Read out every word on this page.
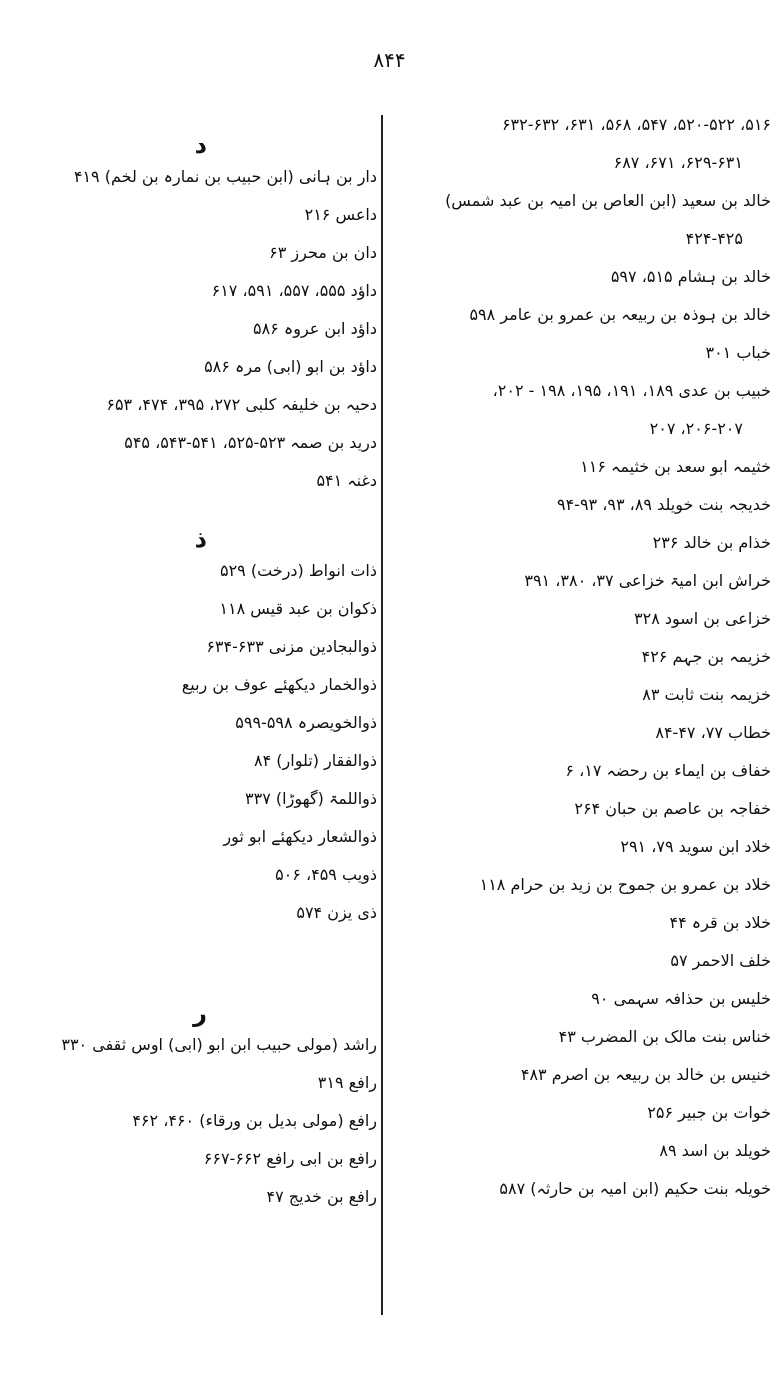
۸۴۴
۵۱۶، ۵۲۰-۵۲۲، ۵۴۷، ۵۶۸، ۶۳۱، ۶۳۲-۶۳۲
۶۲۹-۶۳۱، ۶۷۱، ۶۸۷
خالد بن سعید (ابن العاص بن امیہ بن عبد شمس)
۴۲۴-۴۲۵
خالد بن ہشام ۵۱۵، ۵۹۷
خالد بن ہوذہ بن ربیعہ بن عمرو بن عامر ۵۹۸
خباب ۳۰۱
خبیب بن عدی ۱۸۹، ۱۹۱، ۱۹۵، ۱۹۸ - ۲۰۲،
۲۰۶-۲۰۷، ۲۰۷
خثیمہ ابو سعد بن خثیمہ ۱۱۶
خدیجہ بنت خویلد ۸۹، ۹۳، ۹۳-۹۴
خذام بن خالد ۲۳۶
خراش ابن امیۃ خزاعی ۳۷، ۳۸۰، ۳۹۱
خزاعی بن اسود ۳۲۸
خزیمہ بن جہم ۴۲۶
خزیمہ بنت ثابت ۸۳
خطاب ۷۷، ۴۷-۸۴
خفاف بن ایماء بن رحضہ ۱۷، ۶
خفاجہ بن عاصم بن حبان ۲۶۴
خلاد ابن سوید ۷۹، ۲۹۱
خلاد بن عمرو بن جموح بن زید بن حرام ۱۱۸
خلاد بن قرہ ۴۴
خلف الاحمر ۵۷
خلیس بن حذافہ سہمی ۹۰
خناس بنت مالک بن المضرب ۴۳
خنیس بن خالد بن ربیعہ بن اصرم ۴۸۳
خوات بن جبیر ۲۵۶
خویلد بن اسد ۸۹
خویلہ بنت حکیم (ابن امیہ بن حارثہ) ۵۸۷
د
دار بن ہانی (ابن حبیب بن نمارہ بن لخم) ۴۱۹
داعس ۲۱۶
دان بن محرز ۶۳
داؤد ۵۵۵، ۵۵۷، ۵۹۱، ۶۱۷
داؤد ابن عروہ ۵۸۶
داؤد بن ابو (ابی) مرہ ۵۸۶
دحیہ بن خلیفہ کلبی ۲۷۲، ۳۹۵، ۴۷۴، ۶۵۳
درید بن صمہ ۵۲۳-۵۲۵، ۵۴۱-۵۴۳، ۵۴۵
دغنہ ۵۴۱
ذ
ذات انواط (درخت) ۵۲۹
ذکوان بن عبد قیس ۱۱۸
ذوالبجادین مزنی ۶۳۳-۶۳۴
ذوالخمار دیکھئے عوف بن ربیع
ذوالخویصرہ ۵۹۸-۵۹۹
ذوالفقار (تلوار) ۸۴
ذواللمۃ (گھوڑا) ۳۳۷
ذوالشعار دیکھئے ابو ثور
ذویب ۴۵۹، ۵۰۶
ذی یزن ۵۷۴
ر
راشد (مولی حبیب ابن ابو (ابی) اوس ثقفی ۳۳۰
رافع ۳۱۹
رافع (مولی بدیل بن ورقاء) ۴۶۰، ۴۶۲
رافع بن ابی رافع ۶۶۲-۶۶۷
رافع بن خدیج ۴۷
